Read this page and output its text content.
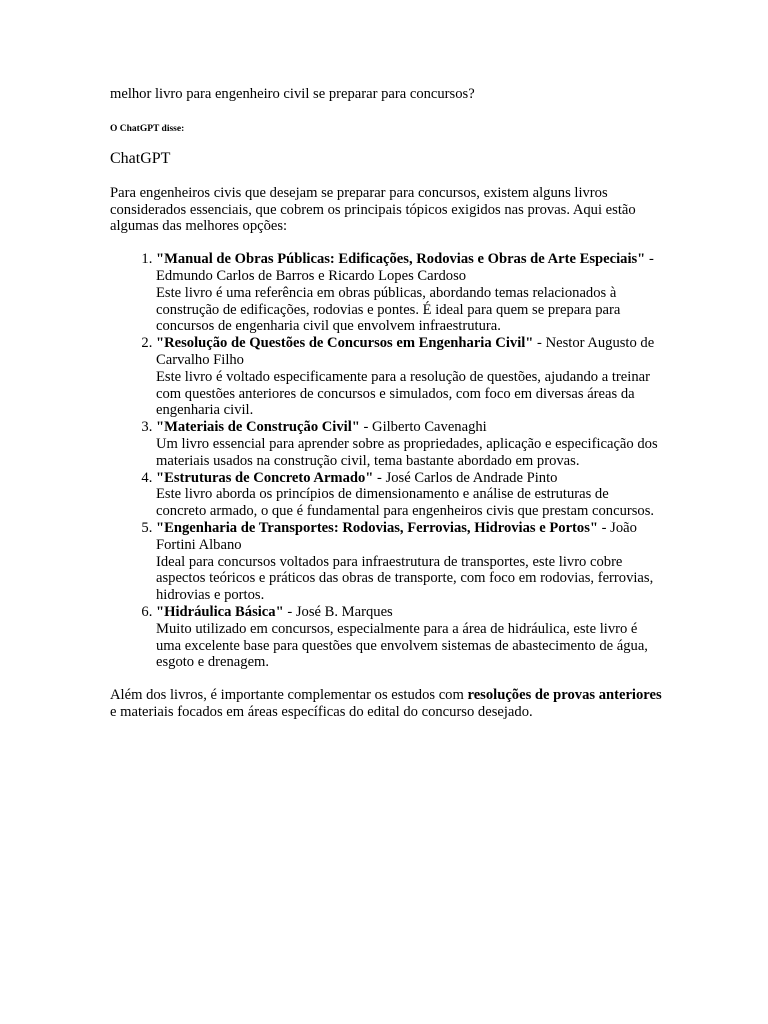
melhor livro para engenheiro civil se preparar para concursos?

O ChatGPT disse:

ChatGPT

Para engenheiros civis que desejam se preparar para concursos, existem alguns livros considerados essenciais, que cobrem os principais tópicos exigidos nas provas. Aqui estão algumas das melhores opções:

1. "Manual de Obras Públicas: Edificações, Rodovias e Obras de Arte Especiais" - Edmundo Carlos de Barros e Ricardo Lopes Cardoso
Este livro é uma referência em obras públicas, abordando temas relacionados à construção de edificações, rodovias e pontes. É ideal para quem se prepara para concursos de engenharia civil que envolvem infraestrutura.
2. "Resolução de Questões de Concursos em Engenharia Civil" - Nestor Augusto de Carvalho Filho
Este livro é voltado especificamente para a resolução de questões, ajudando a treinar com questões anteriores de concursos e simulados, com foco em diversas áreas da engenharia civil.
3. "Materiais de Construção Civil" - Gilberto Cavenaghi
Um livro essencial para aprender sobre as propriedades, aplicação e especificação dos materiais usados na construção civil, tema bastante abordado em provas.
4. "Estruturas de Concreto Armado" - José Carlos de Andrade Pinto
Este livro aborda os princípios de dimensionamento e análise de estruturas de concreto armado, o que é fundamental para engenheiros civis que prestam concursos.
5. "Engenharia de Transportes: Rodovias, Ferrovias, Hidrovias e Portos" - João Fortini Albano
Ideal para concursos voltados para infraestrutura de transportes, este livro cobre aspectos teóricos e práticos das obras de transporte, com foco em rodovias, ferrovias, hidrovias e portos.
6. "Hidráulica Básica" - José B. Marques
Muito utilizado em concursos, especialmente para a área de hidráulica, este livro é uma excelente base para questões que envolvem sistemas de abastecimento de água, esgoto e drenagem.

Além dos livros, é importante complementar os estudos com resoluções de provas anteriores e materiais focados em áreas específicas do edital do concurso desejado.
